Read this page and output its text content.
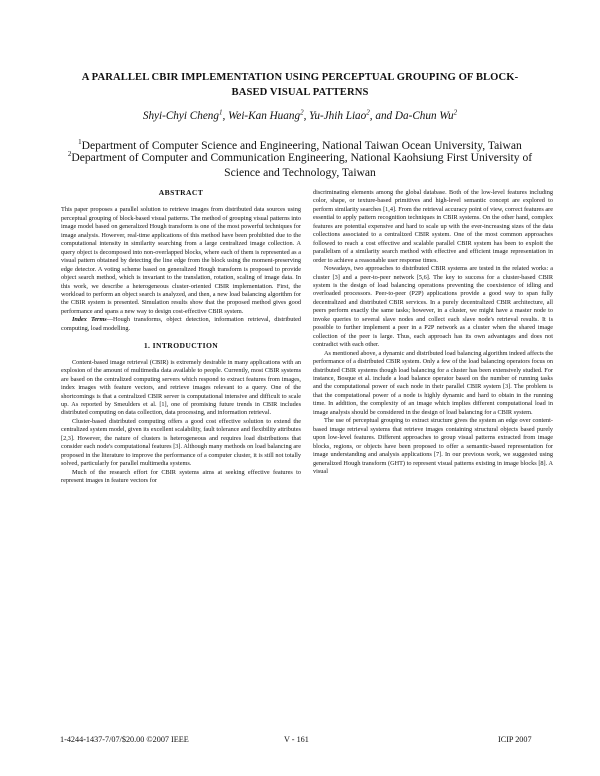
A PARALLEL CBIR IMPLEMENTATION USING PERCEPTUAL GROUPING OF BLOCK-
BASED VISUAL PATTERNS
Shyi-Chyi Cheng$^1$, Wei-Kan Huang$^2$, Yu-Jhih Liao$^2$, and Da-Chun Wu$^2$
$^1$Department of Computer Science and Engineering, National Taiwan Ocean University, Taiwan
$^2$Department of Computer and Communication Engineering, National Kaohsiung First University of
Science and Technology, Taiwan
ABSTRACT

This paper proposes a parallel solution to retrieve images from distributed data sources using perceptual grouping of block-based visual patterns. The method of grouping visual patterns into image model based on generalized Hough transform is one of the most powerful techniques for image analysis. However, real-time applications of this method have been prohibited due to the computational intensity in similarity searching from a large centralized image collection. A query object is decomposed into non-overlapped blocks, where each of them is represented as a visual pattern obtained by detecting the line edge from the block using the moment-preserving edge detector. A voting scheme based on generalized Hough transform is proposed to provide object search method, which is invariant to the translation, rotation, scaling of image data. In this work, we describe a heterogeneous cluster-oriented CBIR implementation. First, the workload to perform an object search is analyzed, and then, a new load balancing algorithm for the CBIR system is presented. Simulation results show that the proposed method gives good performance and spans a new way to design cost-effective CBIR system.

Index Terms—Hough transforms, object detection, information retrieval, distributed computing, load modelling.

1. INTRODUCTION

Content-based image retrieval (CBIR) is extremely desirable in many applications with an explosion of the amount of multimedia data available to people. Currently, most CBIR systems are based on the centralized computing servers which respond to extract features from images, index images with feature vectors, and retrieve images relevant to a query. One of the shortcomings is that a centralized CBIR server is computational intensive and difficult to scale up. As reported by Smeulders et al. [1], one of promising future trends in CBIR includes distributed computing on data collection, data processing, and information retrieval.

Cluster-based distributed computing offers a good cost effective solution to extend the centralized system model, given its excellent scalability, fault tolerance and flexibility attributes [2,3]. However, the nature of clusters is heterogeneous and requires load distributions that consider each node's computational features [3]. Although many methods on load balancing are proposed in the literature to improve the performance of a computer cluster, it is still not totally solved, particularly for parallel multimedia systems.

Much of the research effort for CBIR systems aims at seeking effective features to represent images in feature vectors for

discriminating elements among the global database. Both of the low-level features including color, shape, or texture-based primitives and high-level semantic concept are explored to perform similarity searches [1,4]. From the retrieval accuracy point of view, correct features are essential to apply pattern recognition techniques in CBIR systems. On the other hand, complex features are potential expensive and hard to scale up with the ever-increasing sizes of the data collections associated to a centralized CBIR system. One of the most common approaches followed to reach a cost effective and scalable parallel CBIR system has been to exploit the parallelism of a similarity search method with effective and efficient image representation in order to achieve a reasonable user response times.

Nowadays, two approaches to distributed CBIR systems are tested in the related works: a cluster [3] and a peer-to-peer network [5,6]. The key to success for a cluster-based CBIR system is the design of load balancing operations preventing the coexistence of idling and overloaded processors. Peer-to-peer (P2P) applications provide a good way to span fully decentralized and distributed CBIR services. In a purely decentralized CBIR architecture, all peers perform exactly the same tasks; however, in a cluster, we might have a master node to invoke queries to several slave nodes and collect each slave node's retrieval results. It is possible to further implement a peer in a P2P network as a cluster when the shared image collection of the peer is large. Thus, each approach has its own advantages and does not contradict with each other.

As mentioned above, a dynamic and distributed load balancing algorithm indeed affects the performance of a distributed CBIR system. Only a few of the load balancing operators focus on distributed CBIR systems though load balancing for a cluster has been extensively studied. For instance, Bosque et al. include a load balance operator based on the number of running tasks and the computational power of each node in their parallel CBIR system [3]. The problem is that the computational power of a node is highly dynamic and hard to obtain in the running time. In addition, the complexity of an image which implies different computational load in image analysis should be considered in the design of load balancing for a CBIR system.

The use of perceptual grouping to extract structure gives the system an edge over content-based image retrieval systems that retrieve images containing structural objects based purely upon low-level features. Different approaches to group visual patterns extracted from image blocks, regions, or objects have been proposed to offer a semantic-based representation for image understanding and analysis applications [7]. In our previous work, we suggested using generalized Hough transform (GHT) to represent visual patterns existing in image blocks [8]. A visual

1-4244-1437-7/07/$20.00 ©2007 IEEE	V - 161	ICIP 2007
